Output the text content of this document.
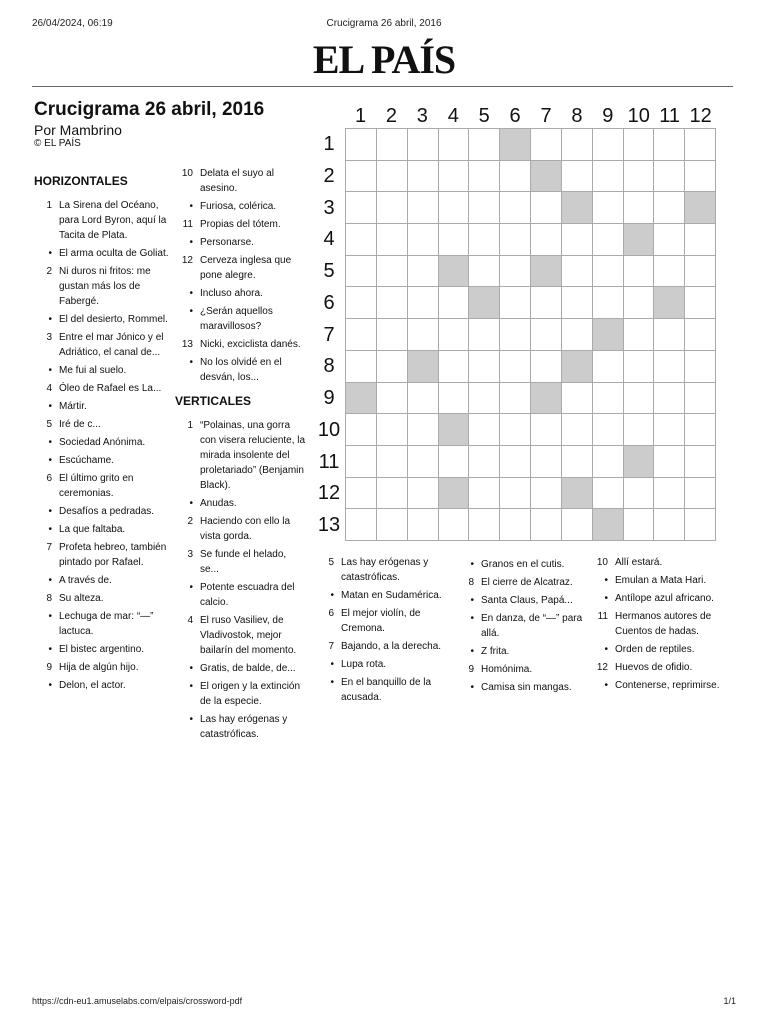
26/04/2024, 06:19	Crucigrama 26 abril, 2016
EL PAÍS
Crucigrama 26 abril, 2016
Por Mambrino
© EL PAÍS
HORIZONTALES
1 La Sirena del Océano, para Lord Byron, aquí la Tacita de Plata.
• El arma oculta de Goliat.
2 Ni duros ni fritos: me gustan más los de Fabergé.
• El del desierto, Rommel.
3 Entre el mar Jónico y el Adriático, el canal de...
• Me fui al suelo.
4 Óleo de Rafael es La...
• Mártir.
5 Iré de c...
• Sociedad Anónima.
• Escúchame.
6 El último grito en ceremonias.
• Desafíos a pedradas.
• La que faltaba.
7 Profeta hebreo, también pintado por Rafael.
• A través de.
8 Su alteza.
• Lechuga de mar: “—” lactuca.
• El bistec argentino.
9 Hija de algún hijo.
• Delon, el actor.
10 Delata el suyo al asesino.
• Furiosa, colérica.
11 Propias del tótem.
• Personarse.
12 Cerveza inglesa que pone alegre.
• Incluso ahora.
• ¿Serán aquellos maravillosos?
13 Nicki, exciclista danés.
• No los olvidé en el desván, los...
VERTICALES
1 “Polainas, una gorra con visera reluciente, la mirada insolente del proletariado” (Benjamin Black).
• Anudas.
2 Haciendo con ello la vista gorda.
3 Se funde el helado, se...
• Potente escuadra del calcio.
4 El ruso Vasiliev, de Vladivostok, mejor bailarín del momento.
• Gratis, de balde, de...
• El origen y la extinción de la especie.
• Las hay erógenas y catastróficas.
5 Las hay erógenas y catastróficas.
• Matan en Sudamérica.
6 El mejor violín, de Cremona.
7 Bajando, a la derecha.
• Lupa rota.
• En el banquillo de la acusada.
• Granos en el cutis.
8 El cierre de Alcatraz.
• Santa Claus, Papá...
• En danza, de “—” para allá.
• Z frita.
9 Homónima.
• Camisa sin mangas.
10 Allí estará.
• Emulan a Mata Hari.
• Antílope azul africano.
11 Hermanos autores de Cuentos de hadas.
• Orden de reptiles.
12 Huevos de ofidio.
• Contenerse, reprimirse.
1 2 3 4 5 6 7 8 9 10 11 12
1
2
3
4
5
6
7
8
9
10
11
12
13
https://cdn-eu1.amuselabs.com/elpais/crossword-pdf	1/1
